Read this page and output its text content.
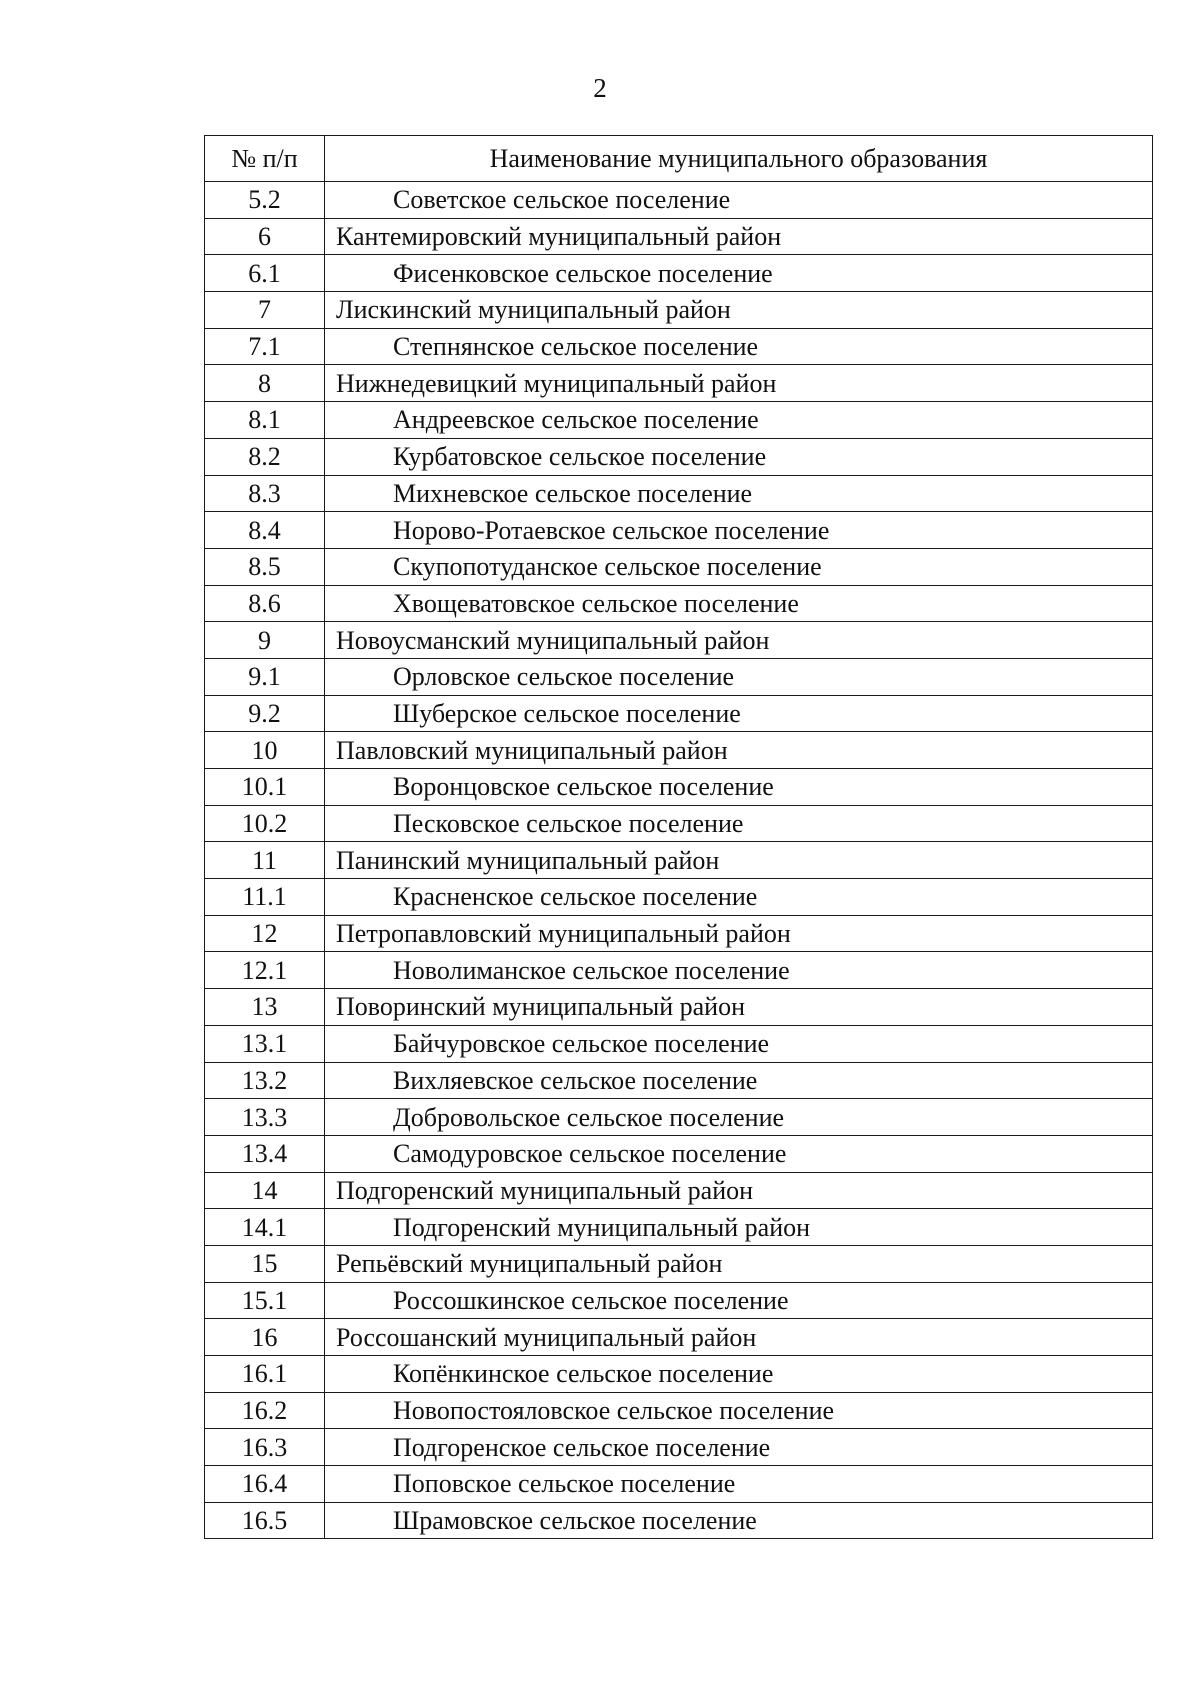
2
№ п/п	Наименование муниципального образования
5.2	Советское сельское поселение
6	Кантемировский муниципальный район
6.1	Фисенковское сельское поселение
7	Лискинский муниципальный район
7.1	Степнянское сельское поселение
8	Нижнедевицкий муниципальный район
8.1	Андреевское сельское поселение
8.2	Курбатовское сельское поселение
8.3	Михневское сельское поселение
8.4	Норово-Ротаевское сельское поселение
8.5	Скупопотуданское сельское поселение
8.6	Хвощеватовское сельское поселение
9	Новоусманский муниципальный район
9.1	Орловское сельское поселение
9.2	Шуберское сельское поселение
10	Павловский муниципальный район
10.1	Воронцовское сельское поселение
10.2	Песковское сельское поселение
11	Панинский муниципальный район
11.1	Красненское сельское поселение
12	Петропавловский муниципальный район
12.1	Новолиманское сельское поселение
13	Поворинский муниципальный район
13.1	Байчуровское сельское поселение
13.2	Вихляевское сельское поселение
13.3	Добровольское сельское поселение
13.4	Самодуровское сельское поселение
14	Подгоренский муниципальный район
14.1	Подгоренский муниципальный район
15	Репьёвский муниципальный район
15.1	Россошкинское сельское поселение
16	Россошанский муниципальный район
16.1	Копёнкинское сельское поселение
16.2	Новопостояловское сельское поселение
16.3	Подгоренское сельское поселение
16.4	Поповское сельское поселение
16.5	Шрамовское сельское поселение
